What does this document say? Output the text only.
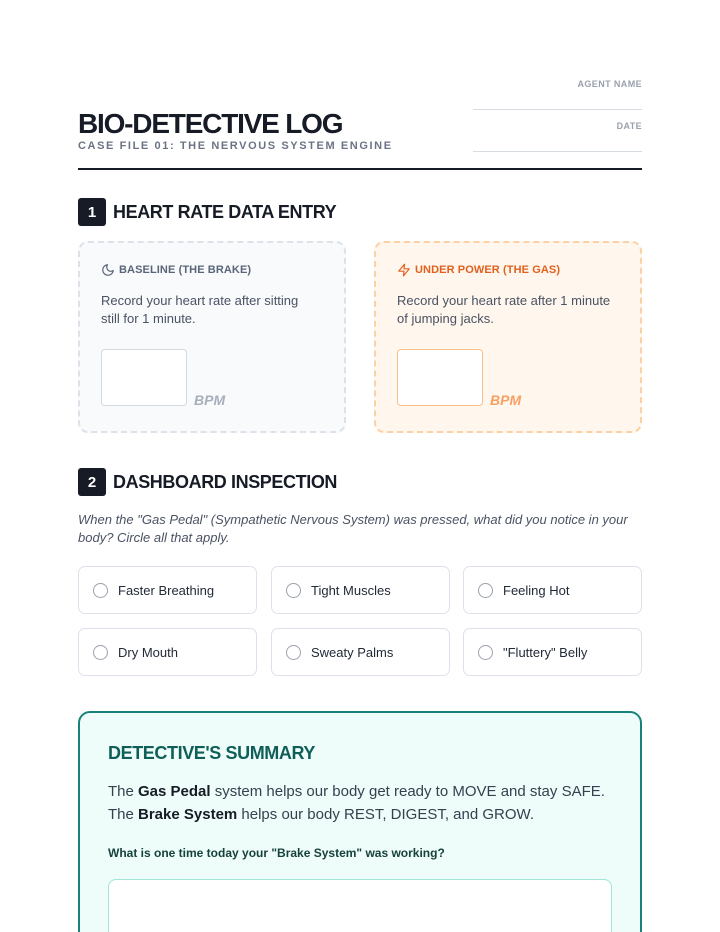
BIO-DETECTIVE LOG
CASE FILE 01: THE NERVOUS SYSTEM ENGINE
AGENT NAME
DATE
1 HEART RATE DATA ENTRY
BASELINE (THE BRAKE)
Record your heart rate after sitting still for 1 minute.
BPM
UNDER POWER (THE GAS)
Record your heart rate after 1 minute of jumping jacks.
BPM
2 DASHBOARD INSPECTION
When the "Gas Pedal" (Sympathetic Nervous System) was pressed, what did you notice in your body? Circle all that apply.
Faster Breathing	Tight Muscles	Feeling Hot
Dry Mouth	Sweaty Palms	"Fluttery" Belly
DETECTIVE'S SUMMARY
The Gas Pedal system helps our body get ready to MOVE and stay SAFE.
The Brake System helps our body REST, DIGEST, and GROW.
What is one time today your "Brake System" was working?
